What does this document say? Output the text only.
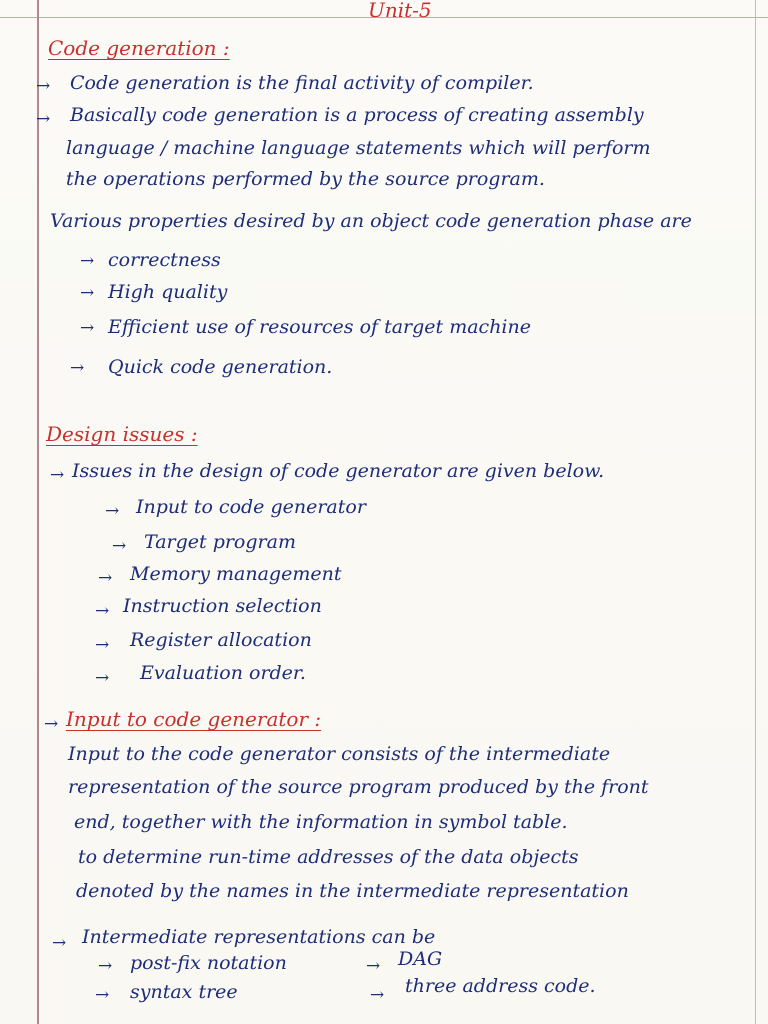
Unit-5
Code generation :
→ Code generation is the final activity of compiler.
→ Basically code generation is a process of creating assembly
language / machine language statements which will perform
the operations performed by the source program.
Various properties desired by an object code generation phase are
→ correctness
→ High quality
→ Efficient use of resources of target machine
→ Quick code generation.
Design issues :
→ Issues in the design of code generator are given below.
→ Input to code generator
→ Target program
→ Memory management
→ Instruction selection
→ Register allocation
→ Evaluation order.
→ Input to code generator :
Input to the code generator consists of the intermediate
representation of the source program produced by the front
end, together with the information in symbol table.
to determine run-time addresses of the data objects
denoted by the names in the intermediate representation
→ Intermediate representations can be
→ post-fix notation	→ DAG
→ syntax tree	→ three address code.
